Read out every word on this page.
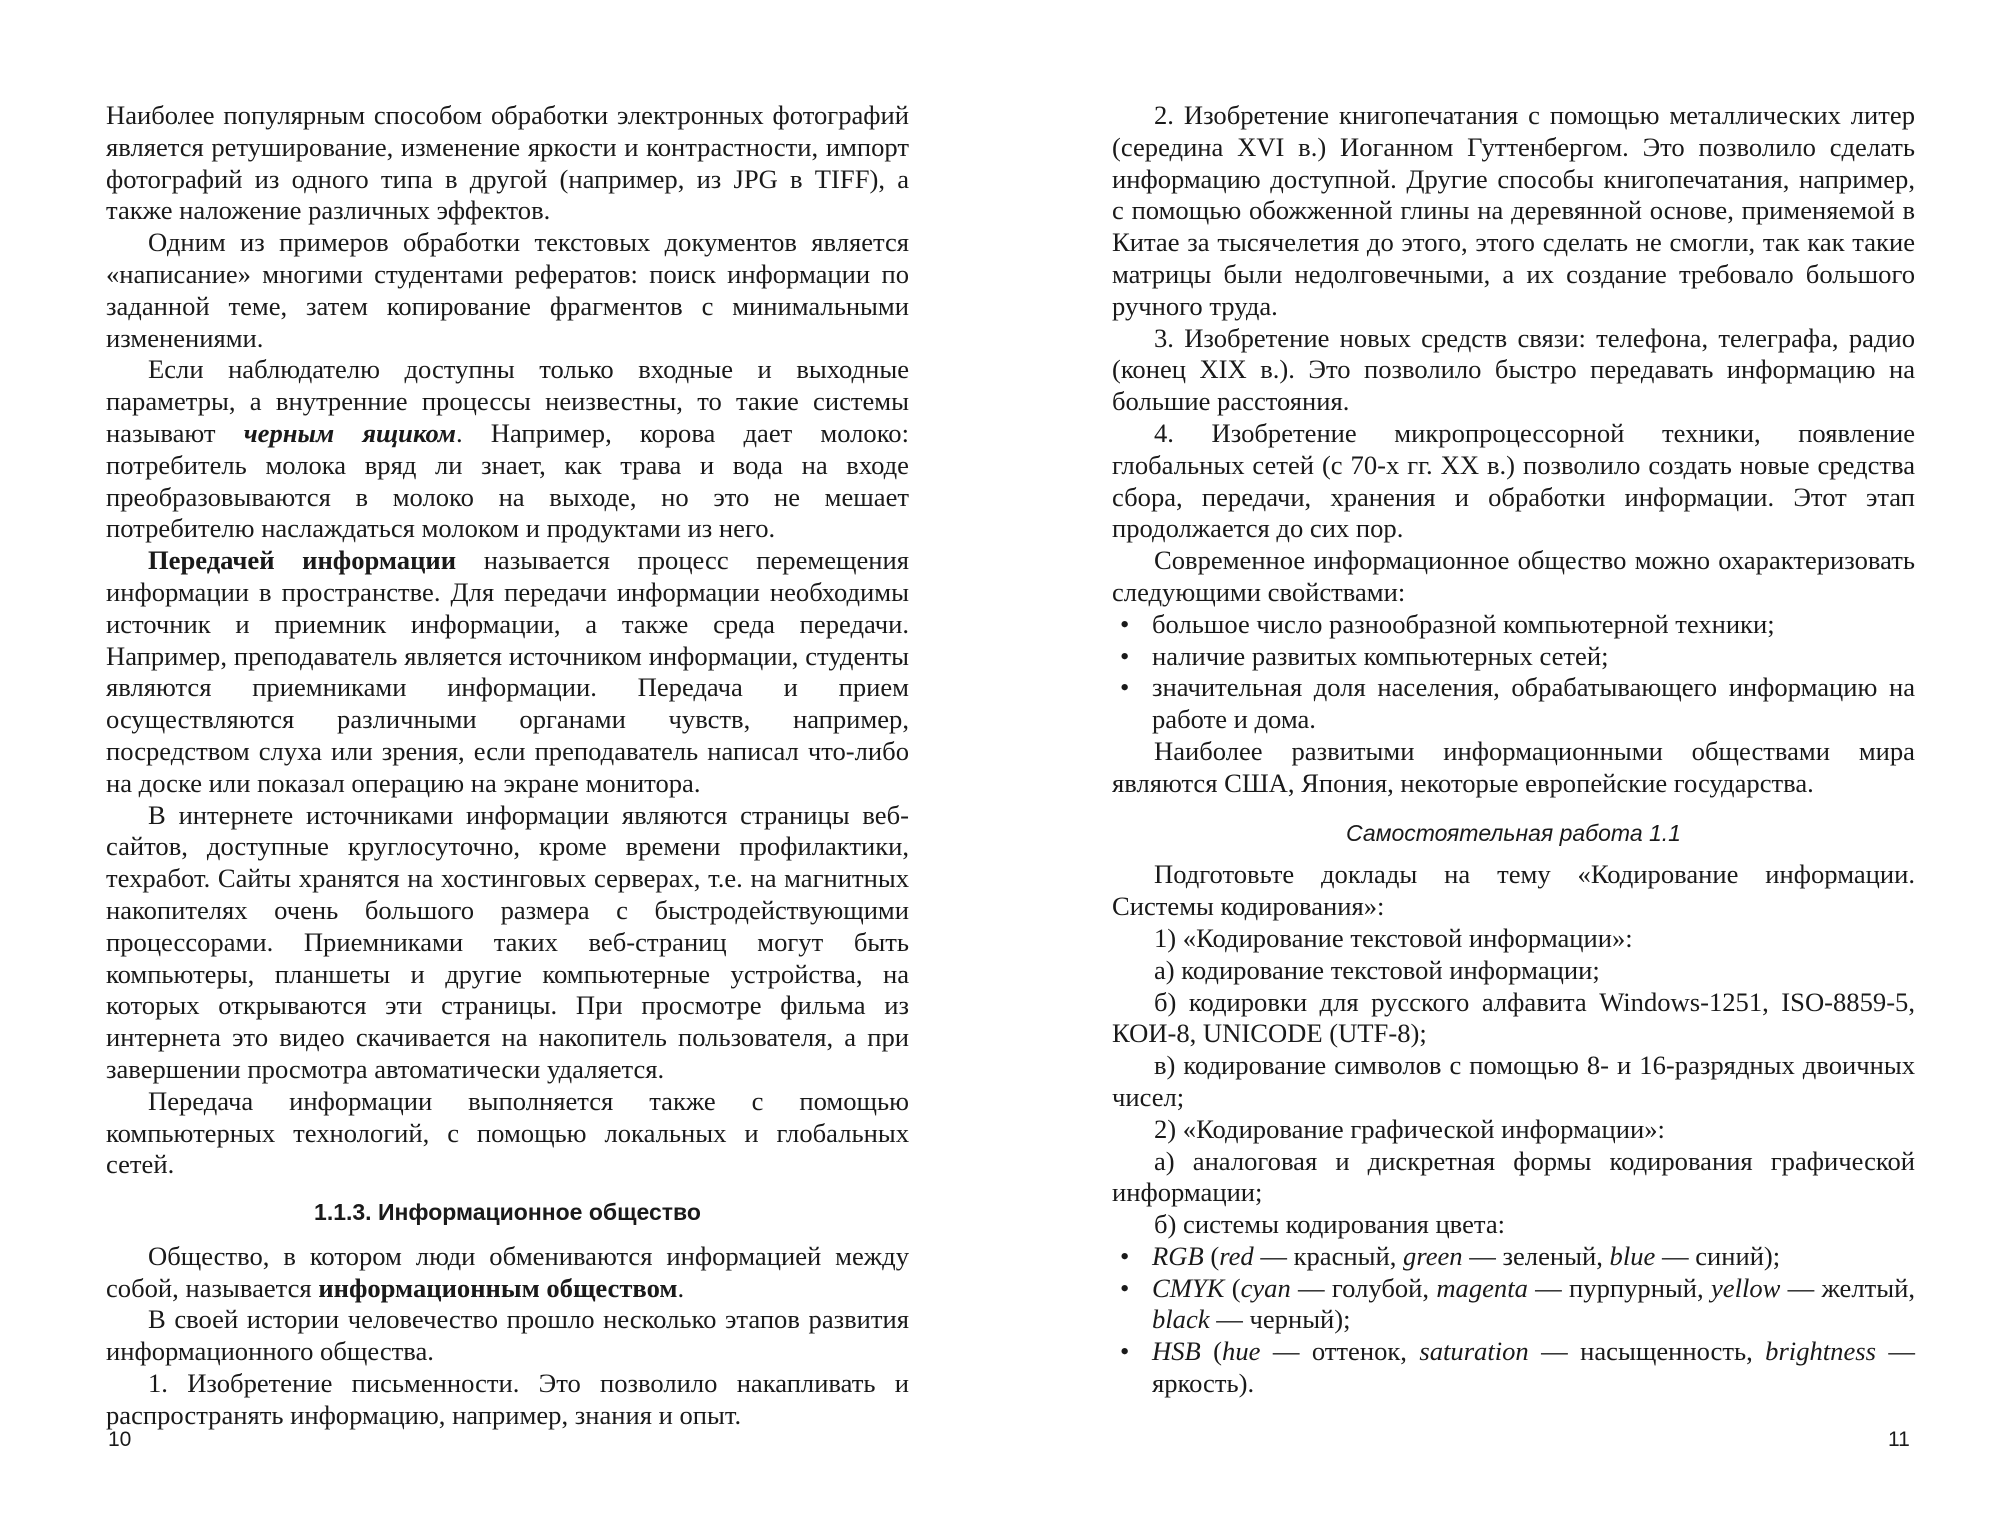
Наиболее популярным способом обработки электронных фотографий является ретуширование, изменение яркости и контрастности, импорт фотографий из одного типа в другой (например, из JPG в TIFF), а также наложение различных эффектов.

Одним из примеров обработки текстовых документов является «написание» многими студентами рефератов: поиск информации по заданной теме, затем копирование фрагментов с минимальными изменениями.

Если наблюдателю доступны только входные и выходные параметры, а внутренние процессы неизвестны, то такие системы называют черным ящиком. Например, корова дает молоко: потребитель молока вряд ли знает, как трава и вода на входе преобразовываются в молоко на выходе, но это не мешает потребителю наслаждаться молоком и продуктами из него.

Передачей информации называется процесс перемещения информации в пространстве. Для передачи информации необходимы источник и приемник информации, а также среда передачи. Например, преподаватель является источником информации, студенты являются приемниками информации. Передача и прием осуществляются различными органами чувств, например, посредством слуха или зрения, если преподаватель написал что-либо на доске или показал операцию на экране монитора.

В интернете источниками информации являются страницы веб-сайтов, доступные круглосуточно, кроме времени профилактики, техработ. Сайты хранятся на хостинговых серверах, т.е. на магнитных накопителях очень большого размера с быстродействующими процессорами. Приемниками таких веб-страниц могут быть компьютеры, планшеты и другие компьютерные устройства, на которых открываются эти страницы. При просмотре фильма из интернета это видео скачивается на накопитель пользователя, а при завершении просмотра автоматически удаляется.

Передача информации выполняется также с помощью компьютерных технологий, с помощью локальных и глобальных сетей.

1.1.3. Информационное общество

Общество, в котором люди обмениваются информацией между собой, называется информационным обществом.

В своей истории человечество прошло несколько этапов развития информационного общества.

1. Изобретение письменности. Это позволило накапливать и распространять информацию, например, знания и опыт.

10

2. Изобретение книгопечатания с помощью металлических литер (середина XVI в.) Иоганном Гуттенбергом. Это позволило сделать информацию доступной. Другие способы книгопечатания, например, с помощью обожженной глины на деревянной основе, применяемой в Китае за тысячелетия до этого, этого сделать не смогли, так как такие матрицы были недолговечными, а их создание требовало большого ручного труда.

3. Изобретение новых средств связи: телефона, телеграфа, радио (конец XIX в.). Это позволило быстро передавать информацию на большие расстояния.

4. Изобретение микропроцессорной техники, появление глобальных сетей (с 70-х гг. XX в.) позволило создать новые средства сбора, передачи, хранения и обработки информации. Этот этап продолжается до сих пор.

Современное информационное общество можно охарактеризовать следующими свойствами:

• большое число разнообразной компьютерной техники;
• наличие развитых компьютерных сетей;
• значительная доля населения, обрабатывающего информацию на работе и дома.

Наиболее развитыми информационными обществами мира являются США, Япония, некоторые европейские государства.

Самостоятельная работа 1.1

Подготовьте доклады на тему «Кодирование информации. Системы кодирования»:

1) «Кодирование текстовой информации»:

а) кодирование текстовой информации;

б) кодировки для русского алфавита Windows-1251, ISO-8859-5, КОИ-8, UNICODE (UTF-8);

в) кодирование символов с помощью 8- и 16-разрядных двоичных чисел;

2) «Кодирование графической информации»:

а) аналоговая и дискретная формы кодирования графической информации;

б) системы кодирования цвета:

• RGB (red — красный, green — зеленый, blue — синий);
• CMYK (cyan — голубой, magenta — пурпурный, yellow — желтый, black — черный);
• HSB (hue — оттенок, saturation — насыщенность, brightness — яркость).
11
